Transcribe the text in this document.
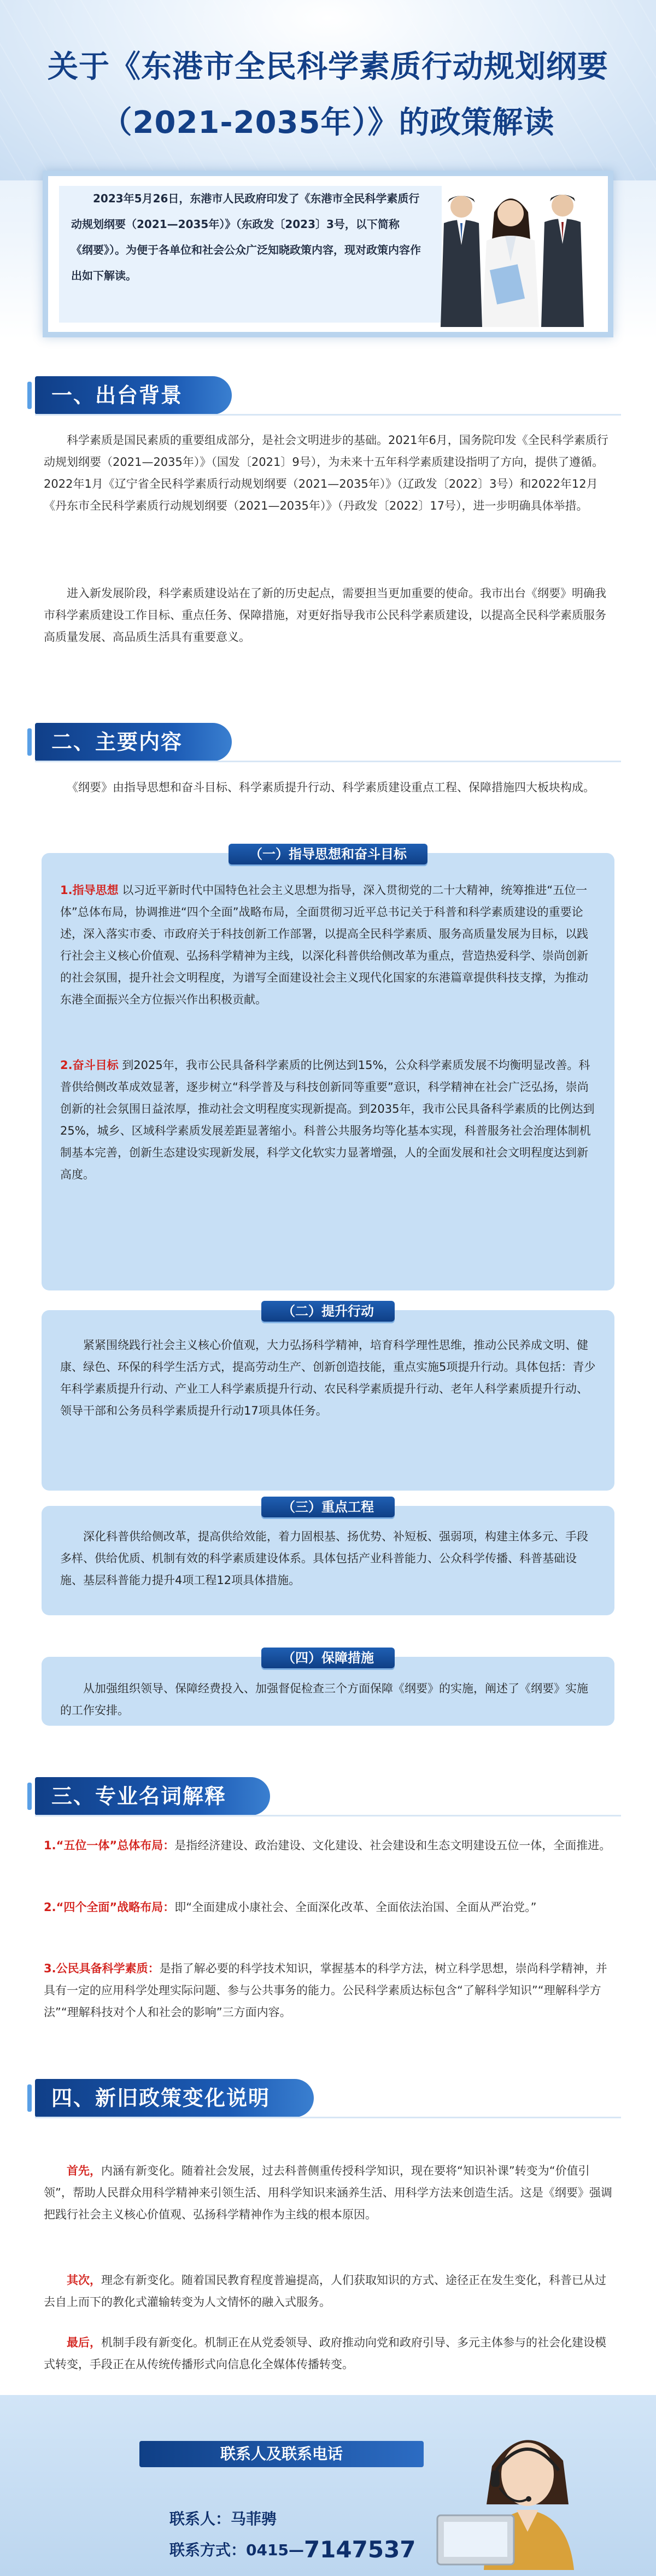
关于《东港市全民科学素质行动规划纲要
（2021-2035年）》的政策解读

2023年5月26日，东港市人民政府印发了《东港市全民科学素质行动规划纲要（2021—2035年）》（东政发〔2023〕3号，以下简称《纲要》）。为便于各单位和社会公众广泛知晓政策内容，现对政策内容作出如下解读。

一、出台背景

科学素质是国民素质的重要组成部分，是社会文明进步的基础。2021年6月，国务院印发《全民科学素质行动规划纲要（2021—2035年）》（国发〔2021〕9号），为未来十五年科学素质建设指明了方向，提供了遵循。2022年1月《辽宁省全民科学素质行动规划纲要（2021—2035年）》（辽政发〔2022〕3号）和2022年12月《丹东市全民科学素质行动规划纲要（2021—2035年）》（丹政发〔2022〕17号），进一步明确具体举措。

进入新发展阶段，科学素质建设站在了新的历史起点，需要担当更加重要的使命。我市出台《纲要》明确我市科学素质建设工作目标、重点任务、保障措施，对更好指导我市公民科学素质建设，以提高全民科学素质服务高质量发展、高品质生活具有重要意义。

二、主要内容

《纲要》由指导思想和奋斗目标、科学素质提升行动、科学素质建设重点工程、保障措施四大板块构成。

（一）指导思想和奋斗目标

1.指导思想 以习近平新时代中国特色社会主义思想为指导，深入贯彻党的二十大精神，统筹推进“五位一体”总体布局，协调推进“四个全面”战略布局，全面贯彻习近平总书记关于科普和科学素质建设的重要论述，深入落实市委、市政府关于科技创新工作部署，以提高全民科学素质、服务高质量发展为目标，以践行社会主义核心价值观、弘扬科学精神为主线，以深化科普供给侧改革为重点，营造热爱科学、崇尚创新的社会氛围，提升社会文明程度，为谱写全面建设社会主义现代化国家的东港篇章提供科技支撑，为推动东港全面振兴全方位振兴作出积极贡献。

2.奋斗目标 到2025年，我市公民具备科学素质的比例达到15%，公众科学素质发展不均衡明显改善。科普供给侧改革成效显著，逐步树立“科学普及与科技创新同等重要”意识，科学精神在社会广泛弘扬，崇尚创新的社会氛围日益浓厚，推动社会文明程度实现新提高。到2035年，我市公民具备科学素质的比例达到25%，城乡、区域科学素质发展差距显著缩小。科普公共服务均等化基本实现，科普服务社会治理体制机制基本完善，创新生态建设实现新发展，科学文化软实力显著增强，人的全面发展和社会文明程度达到新高度。

（二）提升行动

紧紧围绕践行社会主义核心价值观，大力弘扬科学精神，培育科学理性思维，推动公民养成文明、健康、绿色、环保的科学生活方式，提高劳动生产、创新创造技能，重点实施5项提升行动。具体包括：青少年科学素质提升行动、产业工人科学素质提升行动、农民科学素质提升行动、老年人科学素质提升行动、领导干部和公务员科学素质提升行动17项具体任务。

（三）重点工程

深化科普供给侧改革，提高供给效能，着力固根基、扬优势、补短板、强弱项，构建主体多元、手段多样、供给优质、机制有效的科学素质建设体系。具体包括产业科普能力、公众科学传播、科普基础设施、基层科普能力提升4项工程12项具体措施。

（四）保障措施

从加强组织领导、保障经费投入、加强督促检查三个方面保障《纲要》的实施，阐述了《纲要》实施的工作安排。

三、专业名词解释

1.“五位一体”总体布局：是指经济建设、政治建设、文化建设、社会建设和生态文明建设五位一体，全面推进。

2.“四个全面”战略布局：即“全面建成小康社会、全面深化改革、全面依法治国、全面从严治党。”

3.公民具备科学素质：是指了解必要的科学技术知识，掌握基本的科学方法，树立科学思想，崇尚科学精神，并具有一定的应用科学处理实际问题、参与公共事务的能力。公民科学素质达标包含“了解科学知识”“理解科学方法”“理解科技对个人和社会的影响”三方面内容。

四、新旧政策变化说明

首先，内涵有新变化。随着社会发展，过去科普侧重传授科学知识，现在要将“知识补课”转变为“价值引领”，帮助人民群众用科学精神来引领生活、用科学知识来涵养生活、用科学方法来创造生活。这是《纲要》强调把践行社会主义核心价值观、弘扬科学精神作为主线的根本原因。

其次，理念有新变化。随着国民教育程度普遍提高，人们获取知识的方式、途径正在发生变化，科普已从过去自上而下的教化式灌输转变为人文情怀的融入式服务。

最后，机制手段有新变化。机制正在从党委领导、政府推动向党和政府引导、多元主体参与的社会化建设模式转变，手段正在从传统传播形式向信息化全媒体传播转变。

联系人及联系电话
联系人：马菲骋
联系方式：0415—7147537
